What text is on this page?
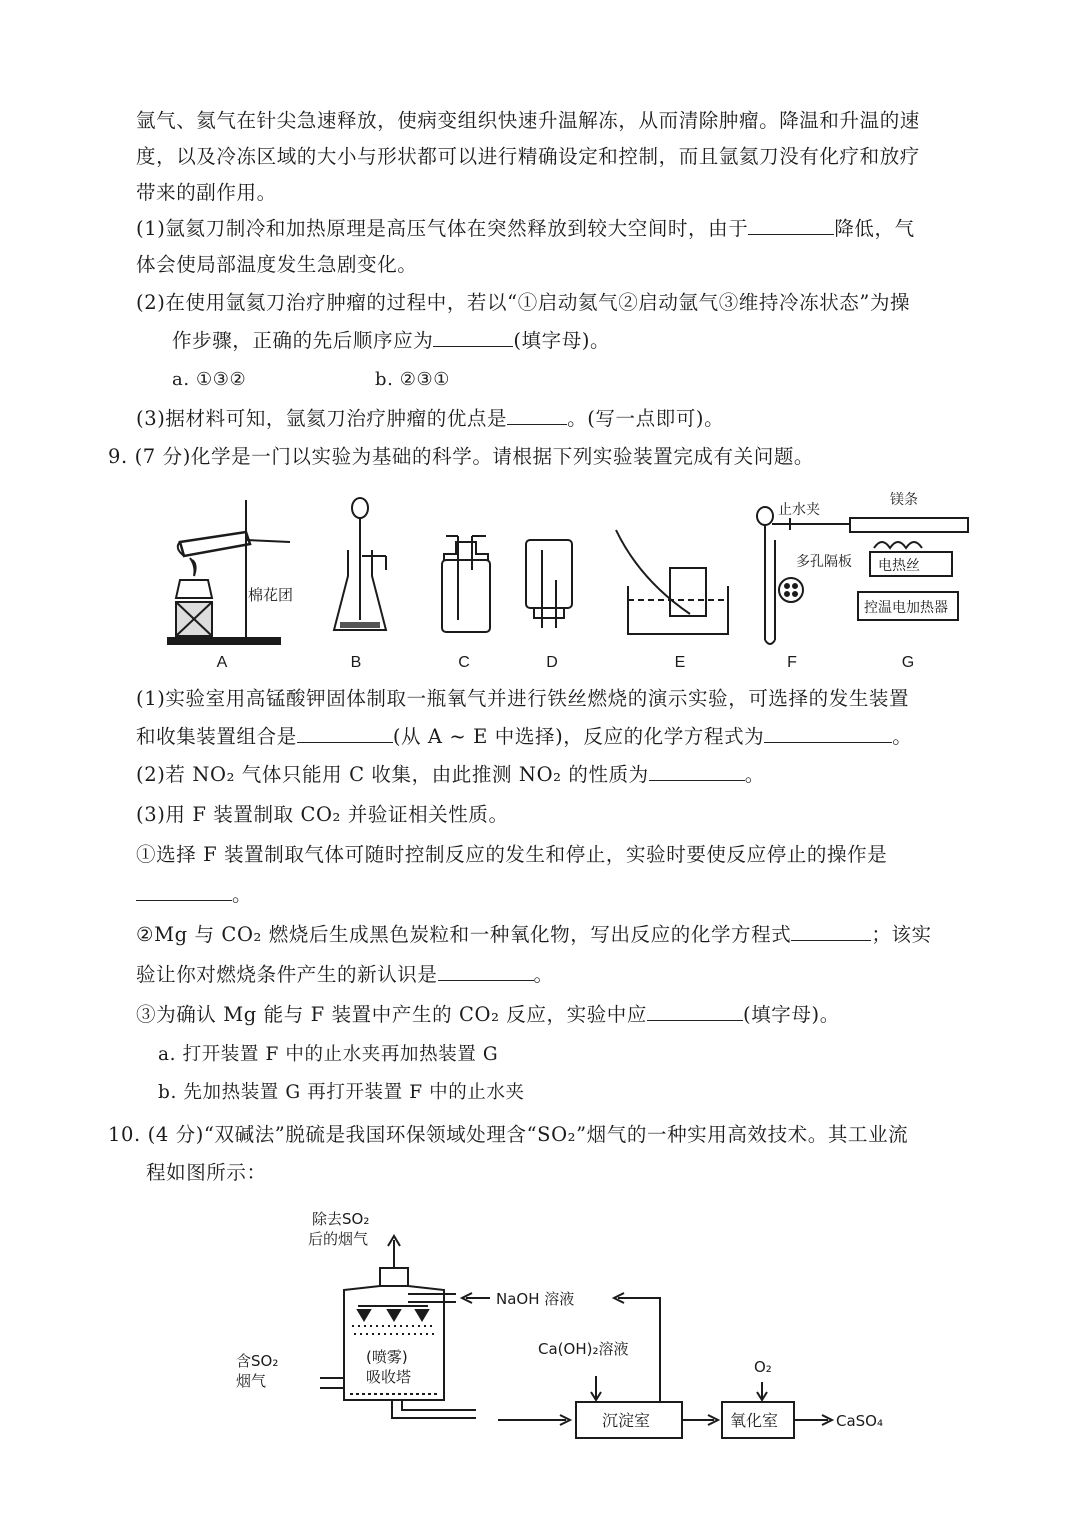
氩气、氦气在针尖急速释放，使病变组织快速升温解冻，从而清除肿瘤。降温和升温的速
度，以及冷冻区域的大小与形状都可以进行精确设定和控制，而且氩氦刀没有化疗和放疗
带来的副作用。
(1)氩氦刀制冷和加热原理是高压气体在突然释放到较大空间时，由于	降低，气
体会使局部温度发生急剧变化。
(2)在使用氩氦刀治疗肿瘤的过程中，若以“①启动氦气②启动氩气③维持冷冻状态”为操
作步骤，正确的先后顺序应为	(填字母)。
a. ①③②	b. ②③①
(3)据材料可知，氩氦刀治疗肿瘤的优点是	。(写一点即可)。
9. (7 分)化学是一门以实验为基础的科学。请根据下列实验装置完成有关问题。
棉花团
止水夹
镁条
多孔隔板 电热丝
控温电加热器
A	B	C	D	E	F	G
(1)实验室用高锰酸钾固体制取一瓶氧气并进行铁丝燃烧的演示实验，可选择的发生装置
和收集装置组合是	(从 A ~ E 中选择)，反应的化学方程式为	。
(2)若 NO₂ 气体只能用 C 收集，由此推测 NO₂ 的性质为	。
(3)用 F 装置制取 CO₂ 并验证相关性质。
①选择 F 装置制取气体可随时控制反应的发生和停止，实验时要使反应停止的操作是
。
②Mg 与 CO₂ 燃烧后生成黑色炭粒和一种氧化物，写出反应的化学方程式	；该实
验让你对燃烧条件产生的新认识是	。
③为确认 Mg 能与 F 装置中产生的 CO₂ 反应，实验中应	(填字母)。
a. 打开装置 F 中的止水夹再加热装置 G
b. 先加热装置 G 再打开装置 F 中的止水夹
10. (4 分)“双碱法”脱硫是我国环保领域处理含“SO₂”烟气的一种实用高效技术。其工业流
程如图所示：
除去SO₂
后的烟气
NaOH 溶液
Ca(OH)₂溶液
O₂
含SO₂
烟气
(喷雾)
吸收塔
沉淀室	氧化室	CaSO₄
